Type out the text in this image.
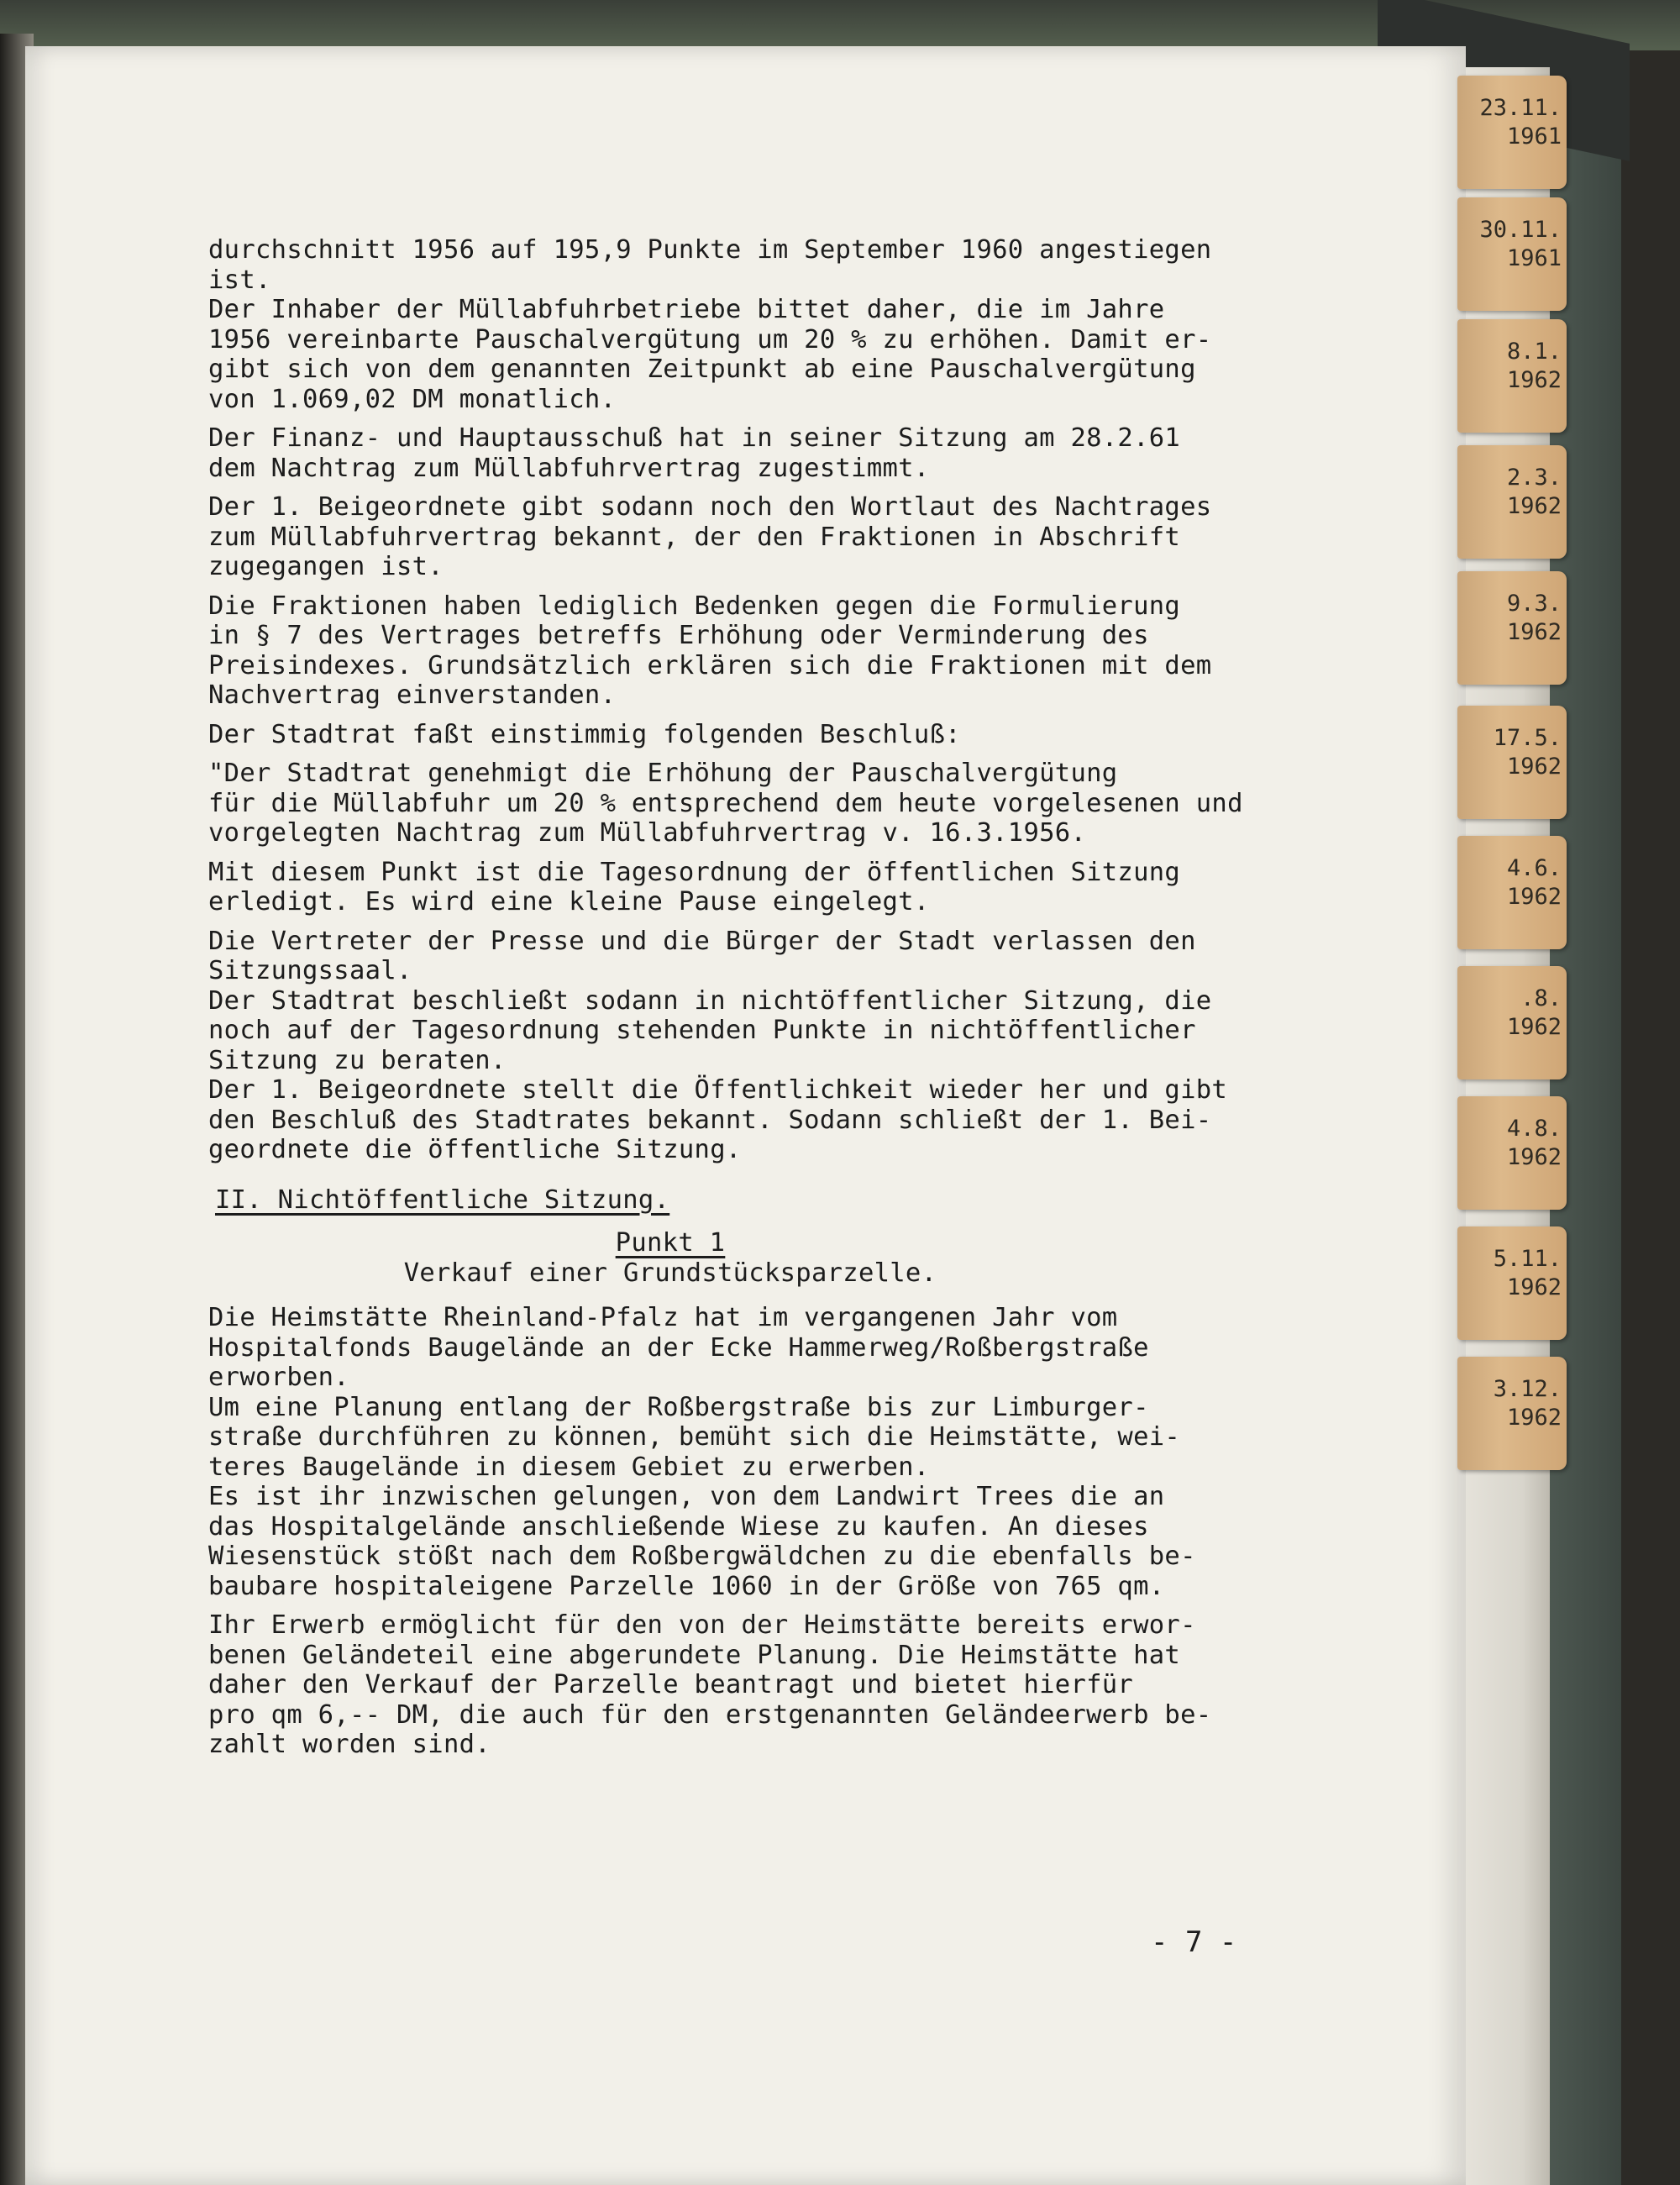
23.11.
1961
30.11.
1961
8.1.
1962
2.3.
1962
9.3.
1962
17.5.
1962
4.6.
1962
.8.
1962
4.8.
1962
5.11.
1962
3.12.
1962

durchschnitt 1956 auf 195,9 Punkte im September 1960 angestiegen
ist.

Der Inhaber der Müllabfuhrbetriebe bittet daher, die im Jahre
1956 vereinbarte Pauschalvergütung um 20 % zu erhöhen. Damit er-
gibt sich von dem genannten Zeitpunkt ab eine Pauschalvergütung
von 1.069,02 DM monatlich.

Der Finanz- und Hauptausschuß hat in seiner Sitzung am 28.2.61
dem Nachtrag zum Müllabfuhrvertrag zugestimmt.

Der 1. Beigeordnete gibt sodann noch den Wortlaut des Nachtrages
zum Müllabfuhrvertrag bekannt, der den Fraktionen in Abschrift
zugegangen ist.

Die Fraktionen haben lediglich Bedenken gegen die Formulierung
in § 7 des Vertrages betreffs Erhöhung oder Verminderung des
Preisindexes. Grundsätzlich erklären sich die Fraktionen mit dem
Nachvertrag einverstanden.

Der Stadtrat faßt einstimmig folgenden Beschluß:

"Der Stadtrat genehmigt die Erhöhung der Pauschalvergütung
für die Müllabfuhr um 20 % entsprechend dem heute vorgelesenen und
vorgelegten Nachtrag zum Müllabfuhrvertrag v. 16.3.1956.

Mit diesem Punkt ist die Tagesordnung der öffentlichen Sitzung
erledigt. Es wird eine kleine Pause eingelegt.

Die Vertreter der Presse und die Bürger der Stadt verlassen den
Sitzungssaal.

Der Stadtrat beschließt sodann in nichtöffentlicher Sitzung, die
noch auf der Tagesordnung stehenden Punkte in nichtöffentlicher
Sitzung zu beraten.
Der 1. Beigeordnete stellt die Öffentlichkeit wieder her und gibt
den Beschluß des Stadtrates bekannt. Sodann schließt der 1. Bei-
geordnete die öffentliche Sitzung.

II. Nichtöffentliche Sitzung.

Punkt 1

Verkauf einer Grundstücksparzelle.

Die Heimstätte Rheinland-Pfalz hat im vergangenen Jahr vom
Hospitalfonds Baugelände an der Ecke Hammerweg/Roßbergstraße
erworben.
Um eine Planung entlang der Roßbergstraße bis zur Limburger-
straße durchführen zu können, bemüht sich die Heimstätte, wei-
teres Baugelände in diesem Gebiet zu erwerben.
Es ist ihr inzwischen gelungen, von dem Landwirt Trees die an
das Hospitalgelände anschließende Wiese zu kaufen. An dieses
Wiesenstück stößt nach dem Roßbergwäldchen zu die ebenfalls be-
baubare hospitaleigene Parzelle 1060 in der Größe von 765 qm.

Ihr Erwerb ermöglicht für den von der Heimstätte bereits erwor-
benen Geländeteil eine abgerundete Planung. Die Heimstätte hat
daher den Verkauf der Parzelle beantragt und bietet hierfür
pro qm 6,-- DM, die auch für den erstgenannten Geländeerwerb be-
zahlt worden sind.

- 7 -
